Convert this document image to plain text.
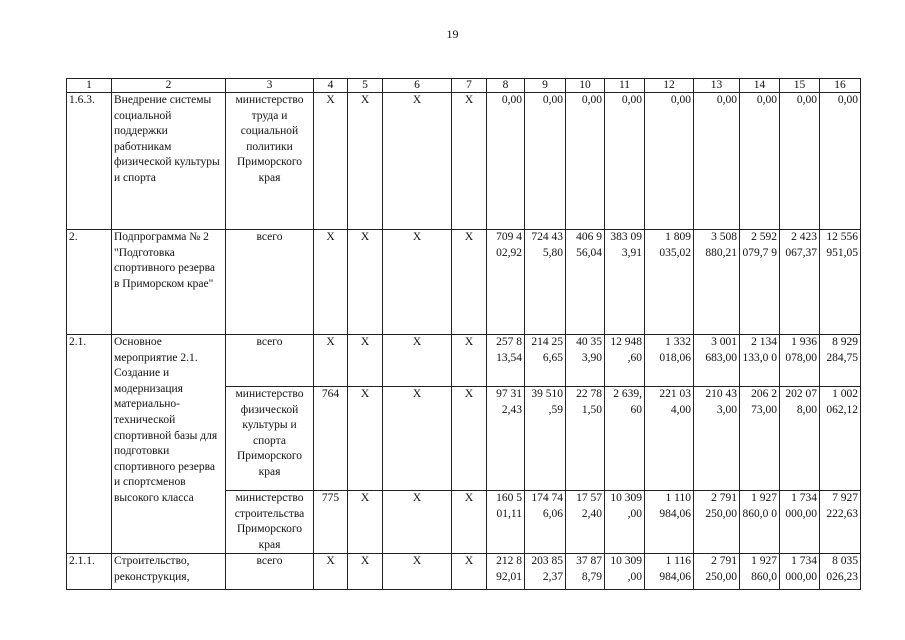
19
1	2	3	4	5	6	7	8	9	10	11	12	13	14	15	16
1.6.3.	Внедрение системы социальной поддержки работникам физической культуры и спорта	министерство труда и социальной политики Приморского края	X	X	X	X	0,00	0,00	0,00	0,00	0,00	0,00	0,00	0,00	0,00
2.	Подпрограмма № 2 "Подготовка спортивного резерва в Приморском крае"	всего	X	X	X	X	709 4 02,92	724 43 5,80	406 9 56,04	383 09 3,91	1 809 035,02	3 508 880,21	2 592 079,7 9	2 423 067,37	12 556 951,05
2.1.	Основное мероприятие 2.1. Создание и модернизация материально-технической спортивной базы для подготовки спортивного резерва и спортсменов высокого класса	всего	X	X	X	X	257 8 13,54	214 25 6,65	40 35 3,90	12 948 ,60	1 332 018,06	3 001 683,00	2 134 133,0 0	1 936 078,00	8 929 284,75
		министерство физической культуры и спорта Приморского края	764	X	X	X	97 31 2,43	39 510 ,59	22 78 1,50	2 639, 60	221 03 4,00	210 43 3,00	206 2 73,00	202 07 8,00	1 002 062,12
		министерство строительства Приморского края	775	X	X	X	160 5 01,11	174 74 6,06	17 57 2,40	10 309 ,00	1 110 984,06	2 791 250,00	1 927 860,0 0	1 734 000,00	7 927 222,63
2.1.1.	Строительство, реконструкция,	всего	X	X	X	X	212 8 92,01	203 85 2,37	37 87 8,79	10 309 ,00	1 116 984,06	2 791 250,00	1 927 860,0	1 734 000,00	8 035 026,23
